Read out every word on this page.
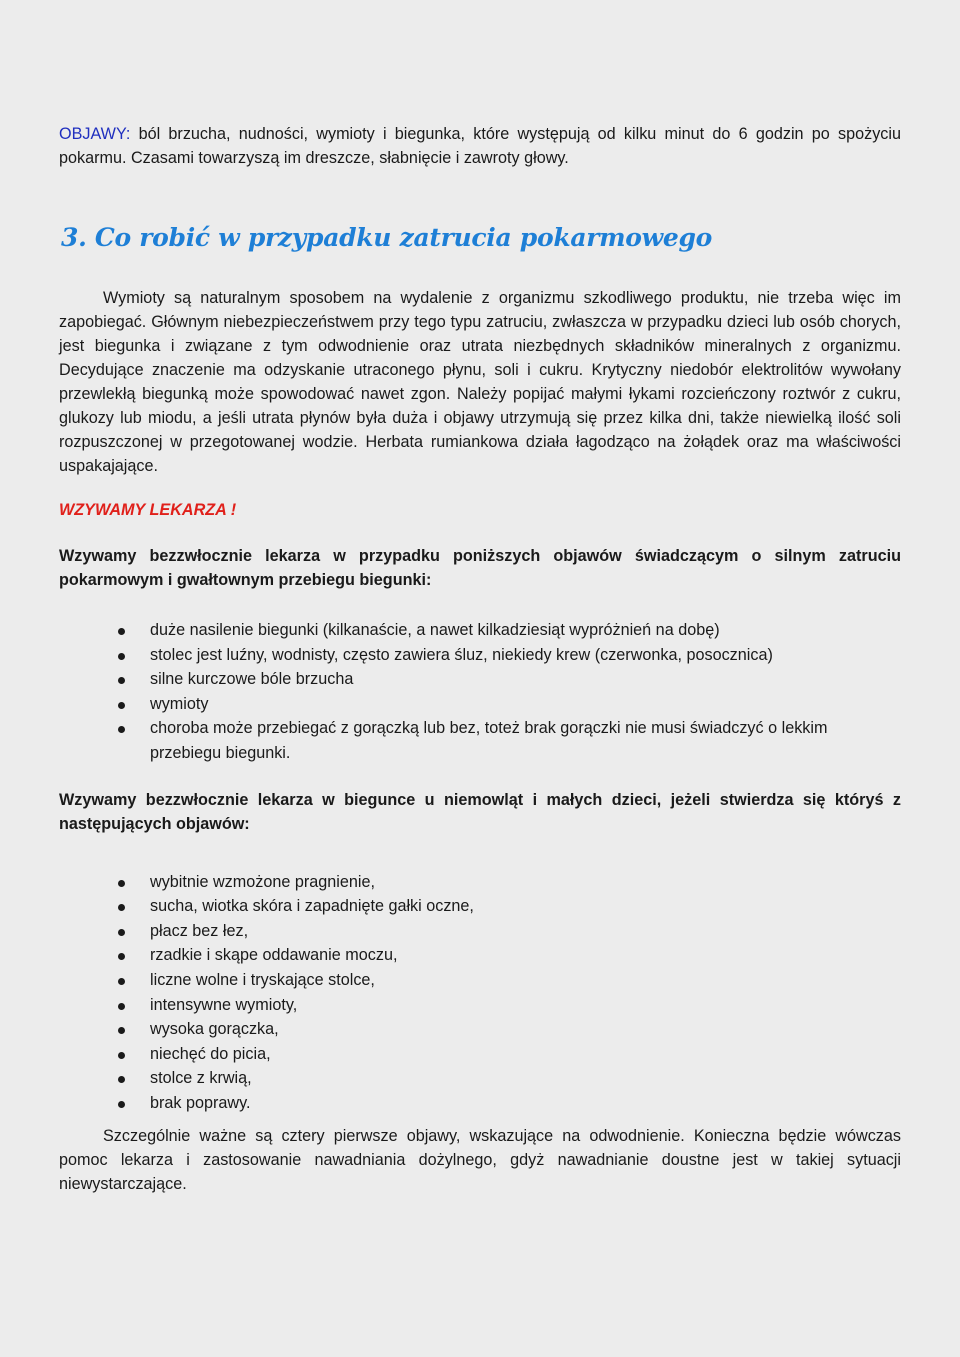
OBJAWY: ból brzucha, nudności, wymioty i biegunka, które występują od kilku minut do 6 godzin po spożyciu pokarmu. Czasami towarzyszą im dreszcze, słabnięcie i zawroty głowy.

3. Co robić w przypadku zatrucia pokarmowego

Wymioty są naturalnym sposobem na wydalenie z organizmu szkodliwego produktu, nie trzeba więc im zapobiegać. Głównym niebezpieczeństwem przy tego typu zatruciu, zwłaszcza w przypadku dzieci lub osób chorych, jest biegunka i związane z tym odwodnienie oraz utrata niezbędnych składników mineralnych z organizmu. Decydujące znaczenie ma odzyskanie utraconego płynu, soli i cukru. Krytyczny niedobór elektrolitów wywołany przewlekłą biegunką może spowodować nawet zgon. Należy popijać małymi łykami rozcieńczony roztwór z cukru, glukozy lub miodu, a jeśli utrata płynów była duża i objawy utrzymują się przez kilka dni, także niewielką ilość soli rozpuszczonej w przegotowanej wodzie. Herbata rumiankowa działa łagodząco na żołądek oraz ma właściwości uspakajające.

WZYWAMY LEKARZA !

Wzywamy bezzwłocznie lekarza w przypadku poniższych objawów świadczącym o silnym zatruciu pokarmowym i gwałtownym przebiegu biegunki:

duże nasilenie biegunki (kilkanaście, a nawet kilkadziesiąt wypróżnień na dobę)
stolec jest luźny, wodnisty, często zawiera śluz, niekiedy krew (czerwonka, posocznica)
silne kurczowe bóle brzucha
wymioty
choroba może przebiegać z gorączką lub bez, toteż brak gorączki nie musi świadczyć o lekkim przebiegu biegunki.

Wzywamy bezzwłocznie lekarza w biegunce u niemowląt i małych dzieci, jeżeli stwierdza się któryś z następujących objawów:

wybitnie wzmożone pragnienie,
sucha, wiotka skóra i zapadnięte gałki oczne,
płacz bez łez,
rzadkie i skąpe oddawanie moczu,
liczne wolne i tryskające stolce,
intensywne wymioty,
wysoka gorączka,
niechęć do picia,
stolce z krwią,
brak poprawy.

Szczególnie ważne są cztery pierwsze objawy, wskazujące na odwodnienie. Konieczna będzie wówczas pomoc lekarza i zastosowanie nawadniania dożylnego, gdyż nawadnianie doustne jest w takiej sytuacji niewystarczające.
